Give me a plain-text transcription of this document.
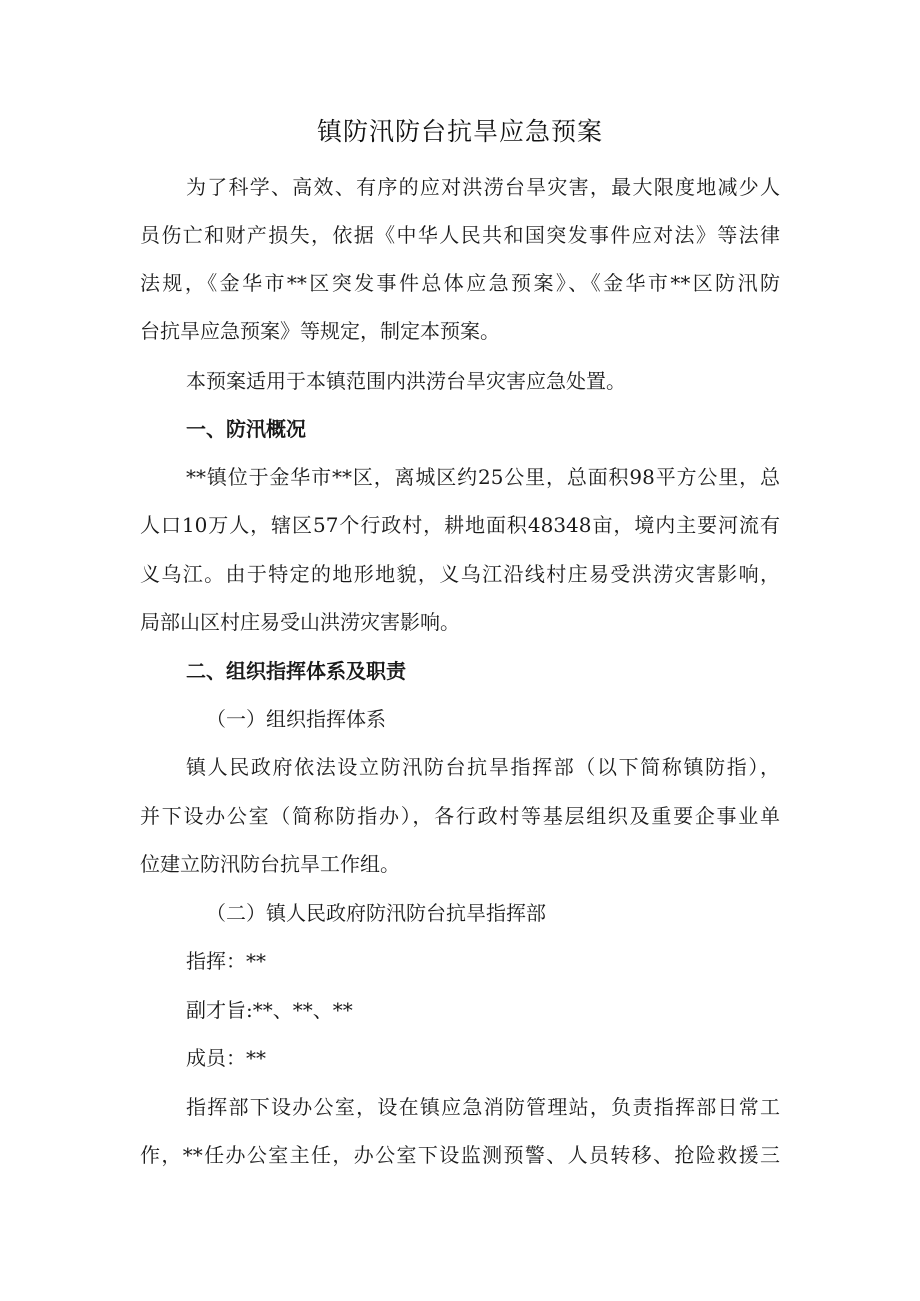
镇防汛防台抗旱应急预案
为了科学、高效、有序的应对洪涝台旱灾害，最大限度地减少人
员伤亡和财产损失，依据《中华人民共和国突发事件应对法》等法律
法规，《金华市**区突发事件总体应急预案》、《金华市**区防汛防
台抗旱应急预案》等规定，制定本预案。
本预案适用于本镇范围内洪涝台旱灾害应急处置。
一、防汛概况
**镇位于金华市**区，离城区约25公里，总面积98平方公里，总
人口10万人，辖区57个行政村，耕地面积48348亩，境内主要河流有
义乌江。由于特定的地形地貌，义乌江沿线村庄易受洪涝灾害影响，
局部山区村庄易受山洪涝灾害影响。
二、组织指挥体系及职责
（一）组织指挥体系
镇人民政府依法设立防汛防台抗旱指挥部（以下简称镇防指），
并下设办公室（简称防指办），各行政村等基层组织及重要企事业单
位建立防汛防台抗旱工作组。
（二）镇人民政府防汛防台抗旱指挥部
指挥：**
副才旨:**、**、**
成员：**
指挥部下设办公室，设在镇应急消防管理站，负责指挥部日常工
作，**任办公室主任，办公室下设监测预警、人员转移、抢险救援三
